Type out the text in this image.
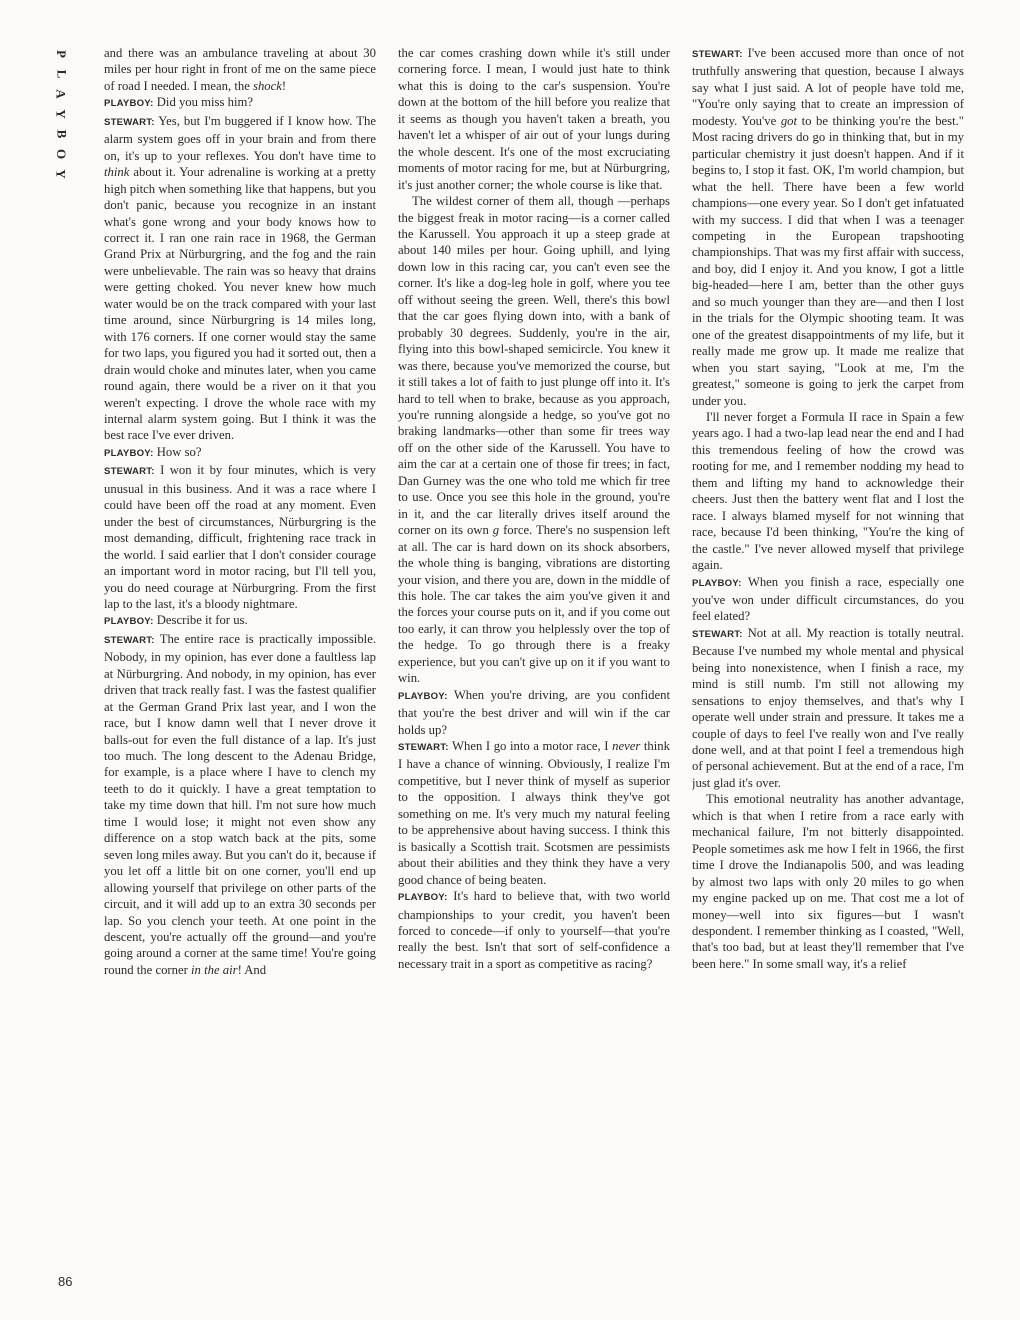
P
L
A
Y
B
O
Y

and there was an ambulance traveling at about 30 miles per hour right in front of me on the same piece of road I needed. I mean, the shock!

PLAYBOY: Did you miss him?

STEWART: Yes, but I'm buggered if I know how. The alarm system goes off in your brain and from there on, it's up to your reflexes. You don't have time to think about it. Your adrenaline is working at a pretty high pitch when something like that happens, but you don't panic, because you recognize in an instant what's gone wrong and your body knows how to correct it. I ran one rain race in 1968, the German Grand Prix at Nürburgring, and the fog and the rain were unbelievable. The rain was so heavy that drains were getting choked. You never knew how much water would be on the track compared with your last time around, since Nürburgring is 14 miles long, with 176 corners. If one corner would stay the same for two laps, you figured you had it sorted out, then a drain would choke and minutes later, when you came round again, there would be a river on it that you weren't expecting. I drove the whole race with my internal alarm system going. But I think it was the best race I've ever driven.

PLAYBOY: How so?

STEWART: I won it by four minutes, which is very unusual in this business. And it was a race where I could have been off the road at any moment. Even under the best of circumstances, Nürburgring is the most demanding, difficult, frightening race track in the world. I said earlier that I don't consider courage an important word in motor racing, but I'll tell you, you do need courage at Nürburgring. From the first lap to the last, it's a bloody nightmare.

PLAYBOY: Describe it for us.

STEWART: The entire race is practically impossible. Nobody, in my opinion, has ever done a faultless lap at Nürburgring. And nobody, in my opinion, has ever driven that track really fast. I was the fastest qualifier at the German Grand Prix last year, and I won the race, but I know damn well that I never drove it balls-out for even the full distance of a lap. It's just too much. The long descent to the Adenau Bridge, for example, is a place where I have to clench my teeth to do it quickly. I have a great temptation to take my time down that hill. I'm not sure how much time I would lose; it might not even show any difference on a stop watch back at the pits, some seven long miles away. But you can't do it, because if you let off a little bit on one corner, you'll end up allowing yourself that privilege on other parts of the circuit, and it will add up to an extra 30 seconds per lap. So you clench your teeth. At one point in the descent, you're actually off the ground—and you're going around a corner at the same time! You're going round the corner in the air! And

the car comes crashing down while it's still under cornering force. I mean, I would just hate to think what this is doing to the car's suspension. You're down at the bottom of the hill before you realize that it seems as though you haven't taken a breath, you haven't let a whisper of air out of your lungs during the whole descent. It's one of the most excruciating moments of motor racing for me, but at Nürburgring, it's just another corner; the whole course is like that.

The wildest corner of them all, though —perhaps the biggest freak in motor racing—is a corner called the Karussell. You approach it up a steep grade at about 140 miles per hour. Going uphill, and lying down low in this racing car, you can't even see the corner. It's like a dog-leg hole in golf, where you tee off without seeing the green. Well, there's this bowl that the car goes flying down into, with a bank of probably 30 degrees. Suddenly, you're in the air, flying into this bowl-shaped semicircle. You knew it was there, because you've memorized the course, but it still takes a lot of faith to just plunge off into it. It's hard to tell when to brake, because as you approach, you're running alongside a hedge, so you've got no braking landmarks—other than some fir trees way off on the other side of the Karussell. You have to aim the car at a certain one of those fir trees; in fact, Dan Gurney was the one who told me which fir tree to use. Once you see this hole in the ground, you're in it, and the car literally drives itself around the corner on its own g force. There's no suspension left at all. The car is hard down on its shock absorbers, the whole thing is banging, vibrations are distorting your vision, and there you are, down in the middle of this hole. The car takes the aim you've given it and the forces your course puts on it, and if you come out too early, it can throw you helplessly over the top of the hedge. To go through there is a freaky experience, but you can't give up on it if you want to win.

PLAYBOY: When you're driving, are you confident that you're the best driver and will win if the car holds up?

STEWART: When I go into a motor race, I never think I have a chance of winning. Obviously, I realize I'm competitive, but I never think of myself as superior to the opposition. I always think they've got something on me. It's very much my natural feeling to be apprehensive about having success. I think this is basically a Scottish trait. Scotsmen are pessimists about their abilities and they think they have a very good chance of being beaten.

PLAYBOY: It's hard to believe that, with two world championships to your credit, you haven't been forced to concede—if only to yourself—that you're really the best. Isn't that sort of self-confidence a necessary trait in a sport as competitive as racing?

STEWART: I've been accused more than once of not truthfully answering that question, because I always say what I just said. A lot of people have told me, "You're only saying that to create an impression of modesty. You've got to be thinking you're the best." Most racing drivers do go in thinking that, but in my particular chemistry it just doesn't happen. And if it begins to, I stop it fast. OK, I'm world champion, but what the hell. There have been a few world champions—one every year. So I don't get infatuated with my success. I did that when I was a teenager competing in the European trapshooting championships. That was my first affair with success, and boy, did I enjoy it. And you know, I got a little big-headed—here I am, better than the other guys and so much younger than they are—and then I lost in the trials for the Olympic shooting team. It was one of the greatest disappointments of my life, but it really made me grow up. It made me realize that when you start saying, "Look at me, I'm the greatest," someone is going to jerk the carpet from under you.

I'll never forget a Formula II race in Spain a few years ago. I had a two-lap lead near the end and I had this tremendous feeling of how the crowd was rooting for me, and I remember nodding my head to them and lifting my hand to acknowledge their cheers. Just then the battery went flat and I lost the race. I always blamed myself for not winning that race, because I'd been thinking, "You're the king of the castle." I've never allowed myself that privilege again.

PLAYBOY: When you finish a race, especially one you've won under difficult circumstances, do you feel elated?

STEWART: Not at all. My reaction is totally neutral. Because I've numbed my whole mental and physical being into nonexistence, when I finish a race, my mind is still numb. I'm still not allowing my sensations to enjoy themselves, and that's why I operate well under strain and pressure. It takes me a couple of days to feel I've really won and I've really done well, and at that point I feel a tremendous high of personal achievement. But at the end of a race, I'm just glad it's over.

This emotional neutrality has another advantage, which is that when I retire from a race early with mechanical failure, I'm not bitterly disappointed. People sometimes ask me how I felt in 1966, the first time I drove the Indianapolis 500, and was leading by almost two laps with only 20 miles to go when my engine packed up on me. That cost me a lot of money—well into six figures—but I wasn't despondent. I remember thinking as I coasted, "Well, that's too bad, but at least they'll remember that I've been here." In some small way, it's a relief

86
